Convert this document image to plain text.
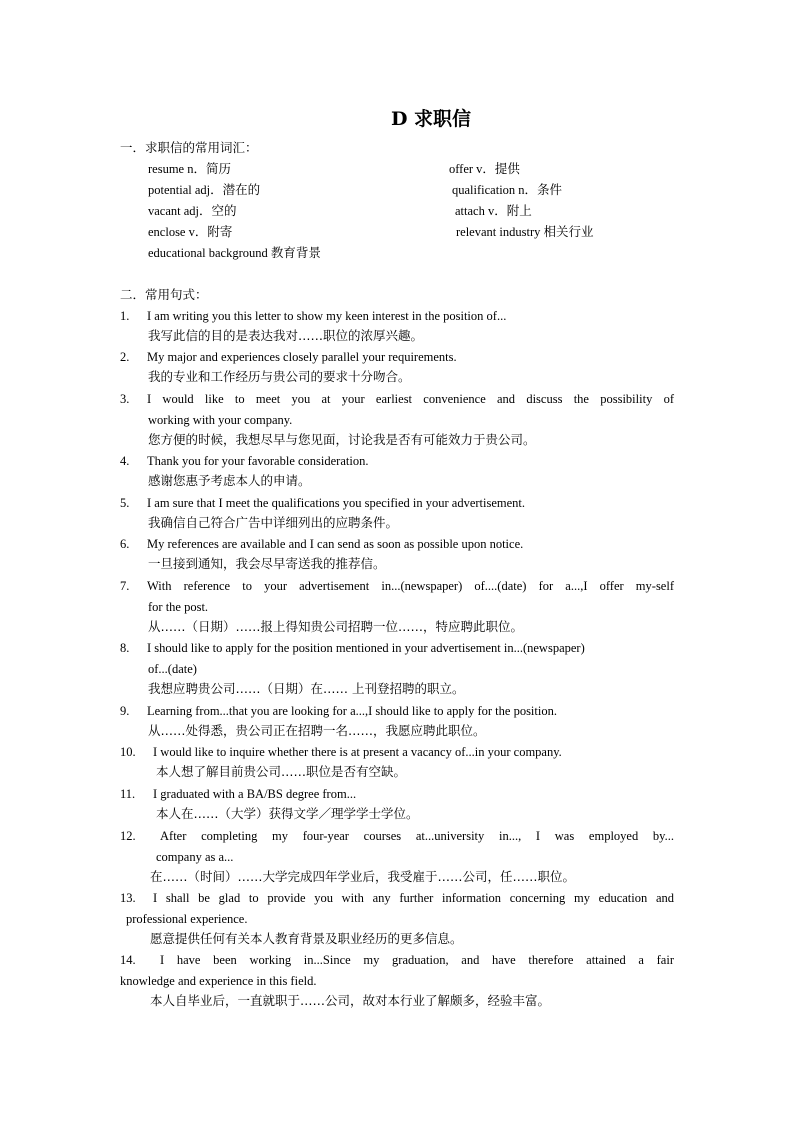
D 求职信
一．求职信的常用词汇：
resume n．简历
potential adj．潜在的
vacant adj．空的
enclose v．附寄
educational background 教育背景
offer v．提供
qualification n．条件
attach v．附上
relevant industry 相关行业
二．常用句式：
1. I am writing you this letter to show my keen interest in the position of...
我写此信的目的是表达我对……职位的浓厚兴趣。
2. My major and experiences closely parallel your requirements.
我的专业和工作经历与贵公司的要求十分吻合。
3. I would like to meet you at your earliest convenience and discuss the possibility of
working with your company.
您方便的时候，我想尽早与您见面，讨论我是否有可能效力于贵公司。
4. Thank you for your favorable consideration.
感谢您惠予考虑本人的申请。
5. I am sure that I meet the qualifications you specified in your advertisement.
我确信自己符合广告中详细列出的应聘条件。
6. My references are available and I can send as soon as possible upon notice.
一旦接到通知，我会尽早寄送我的推荐信。
7. With reference to your advertisement in...(newspaper) of....(date) for a...,I offer my-self
for the post.
从……（日期）……报上得知贵公司招聘一位……，特应聘此职位。
8. I should like to apply for the position mentioned in your advertisement in...(newspaper)
of...(date)
我想应聘贵公司……（日期）在…… 上刊登招聘的职立。
9. Learning from...that you are looking for a...,I should like to apply for the position.
从……处得悉，贵公司正在招聘一名……，我愿应聘此职位。
10. I would like to inquire whether there is at present a vacancy of...in your company.
本人想了解目前贵公司……职位是否有空缺。
11. I graduated with a BA/BS degree from...
本人在……（大学）获得文学／理学学士学位。
12. After completing my four-year courses at...university in..., I was employed by...
company as a...
在……（时间）……大学完成四年学业后，我受雇于……公司，任……职位。
13. I shall be glad to provide you with any further information concerning my education and
professional experience.
愿意提供任何有关本人教育背景及职业经历的更多信息。
14. I have been working in...Since my graduation, and have therefore attained a fair
knowledge and experience in this field.
本人自毕业后，一直就职于……公司，故对本行业了解颇多，经验丰富。
